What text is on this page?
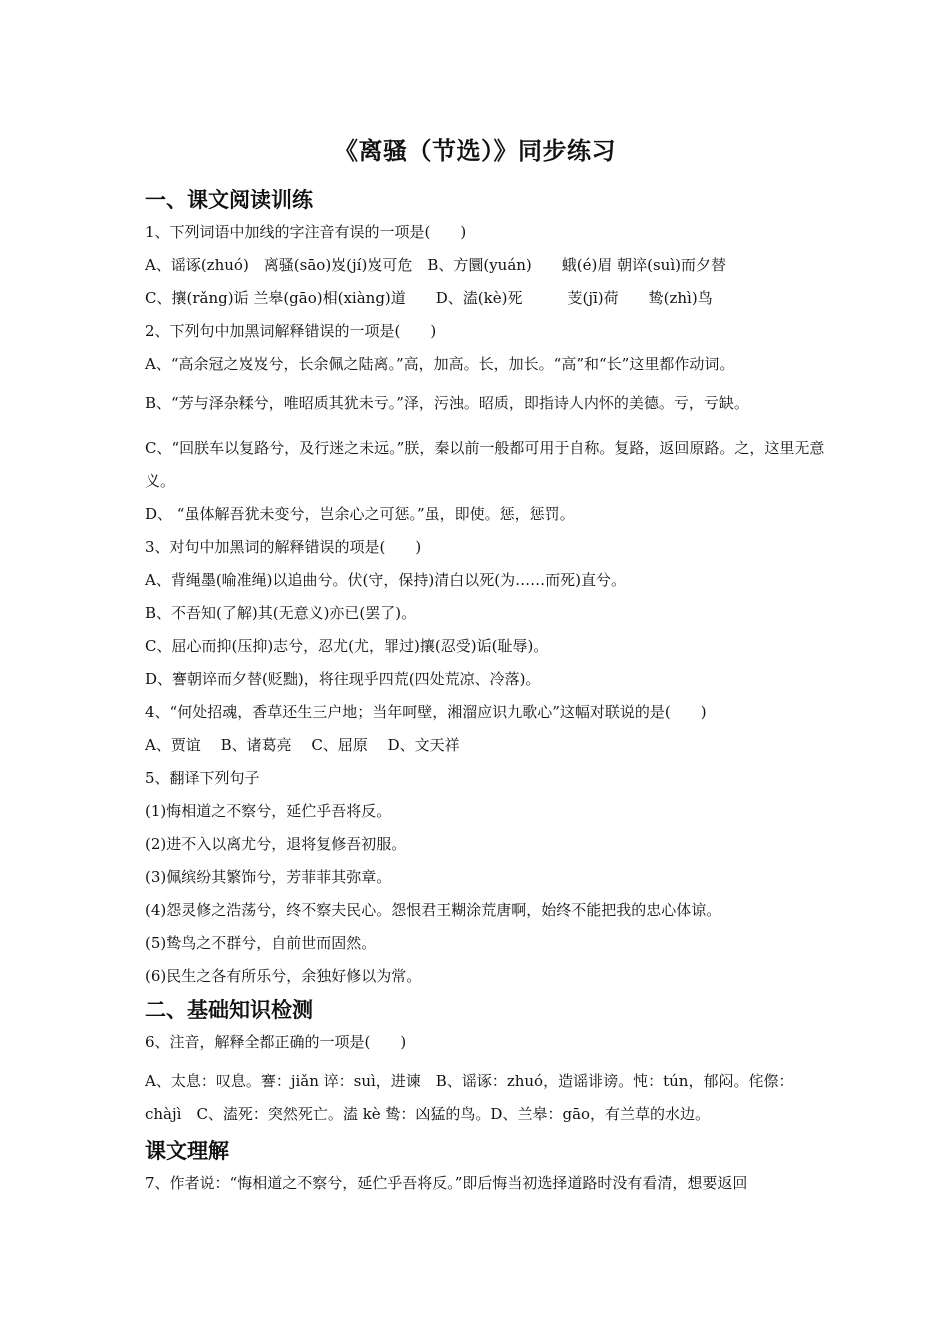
《离骚（节选）》同步练习
一、课文阅读训练
1、下列词语中加线的字注音有误的一项是(　　)
A、谣诼(zhuó)　离骚(sāo)岌(jí)岌可危　B、方圜(yuán)　　蛾(é)眉 朝谇(suì)而夕替
C、攘(rǎng)诟 兰皋(gāo)相(xiàng)道　　D、溘(kè)死　　　芰(jī)荷　　鸷(zhì)鸟
2、下列句中加黑词解释错误的一项是(　　)
A、“高余冠之岌岌兮，长余佩之陆离。”高，加高。长，加长。“高”和“长”这里都作动词。
B、“芳与泽杂糅兮，唯昭质其犹未亏。”泽，污浊。昭质，即指诗人内怀的美德。亏，亏缺。
C、“回朕车以复路兮，及行迷之未远。”朕，秦以前一般都可用于自称。复路，返回原路。之，这里无意义。
D、 “虽体解吾犹未变兮，岂余心之可惩。”虽，即使。惩，惩罚。
3、对句中加黑词的解释错误的项是(　　)
A、背绳墨(喻准绳)以追曲兮。伏(守，保持)清白以死(为……而死)直兮。
B、不吾知(了解)其(无意义)亦已(罢了)。
C、屈心而抑(压抑)志兮，忍尤(尤，罪过)攘(忍受)诟(耻辱)。
D、謇朝谇而夕替(贬黜)，将往现乎四荒(四处荒凉、冷落)。
4、“何处招魂，香草还生三户地；当年呵壁，湘溜应识九歌心”这幅对联说的是(　　)
A、贾谊　 B、诸葛亮　 C、屈原　 D、文天祥
5、翻译下列句子
(1)悔相道之不察兮，延伫乎吾将反。
(2)进不入以离尤兮，退将复修吾初服。
(3)佩缤纷其繁饰兮，芳菲菲其弥章。
(4)怨灵修之浩荡兮，终不察夫民心。怨恨君王糊涂荒唐啊，始终不能把我的忠心体谅。
(5)鸷鸟之不群兮，自前世而固然。
(6)民生之各有所乐兮，余独好修以为常。
二、基础知识检测
6、注音，解释全都正确的一项是(　　)
A、太息：叹息。謇：jiǎn 谇：suì，进谏　B、谣诼：zhuó，造谣诽谤。忳：tún，郁闷。侘傺：chàjì　C、溘死：突然死亡。溘 kè 鸷：凶猛的鸟。D、兰皋：gāo，有兰草的水边。
课文理解
7、作者说：“悔相道之不察兮，延伫乎吾将反。”即后悔当初选择道路时没有看清，想要返回
